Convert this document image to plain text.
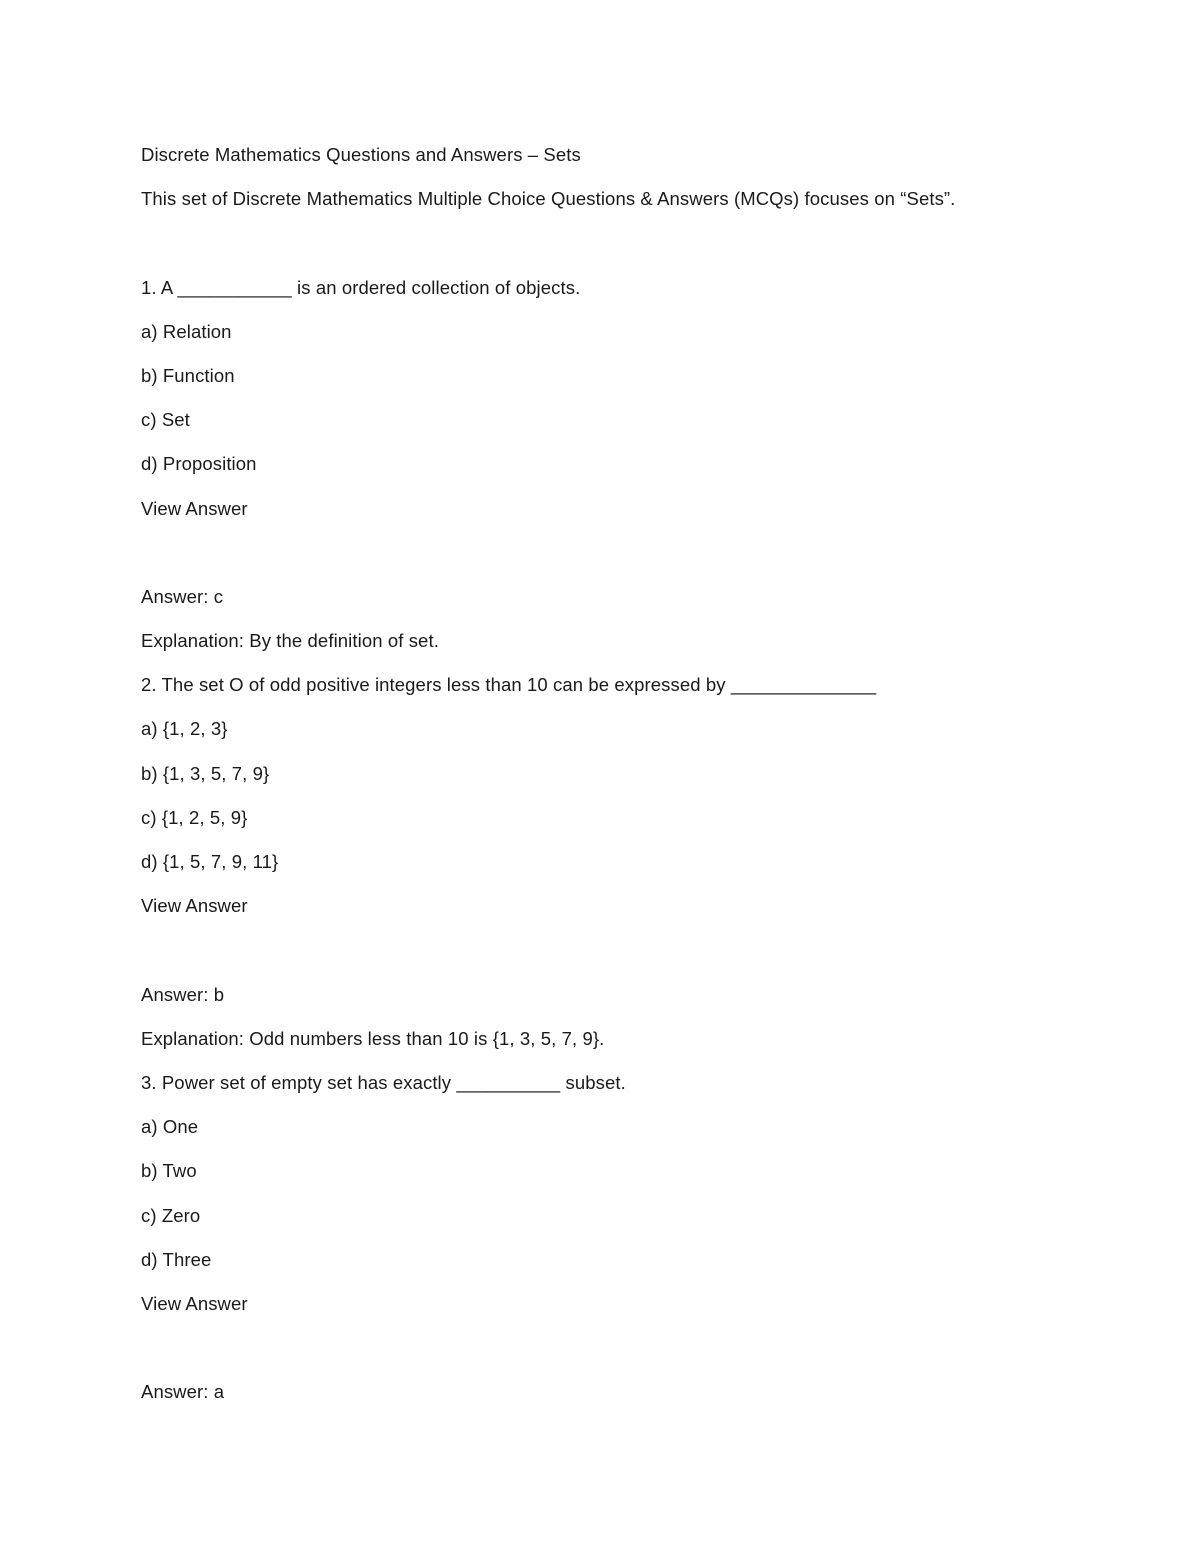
Discrete Mathematics Questions and Answers – Sets
This set of Discrete Mathematics Multiple Choice Questions & Answers (MCQs) focuses on “Sets”.
1. A ___________ is an ordered collection of objects.
a) Relation
b) Function
c) Set
d) Proposition
View Answer
Answer: c
Explanation: By the definition of set.
2. The set O of odd positive integers less than 10 can be expressed by ______________
a) {1, 2, 3}
b) {1, 3, 5, 7, 9}
c) {1, 2, 5, 9}
d) {1, 5, 7, 9, 11}
View Answer
Answer: b
Explanation: Odd numbers less than 10 is {1, 3, 5, 7, 9}.
3. Power set of empty set has exactly __________ subset.
a) One
b) Two
c) Zero
d) Three
View Answer
Answer: a
